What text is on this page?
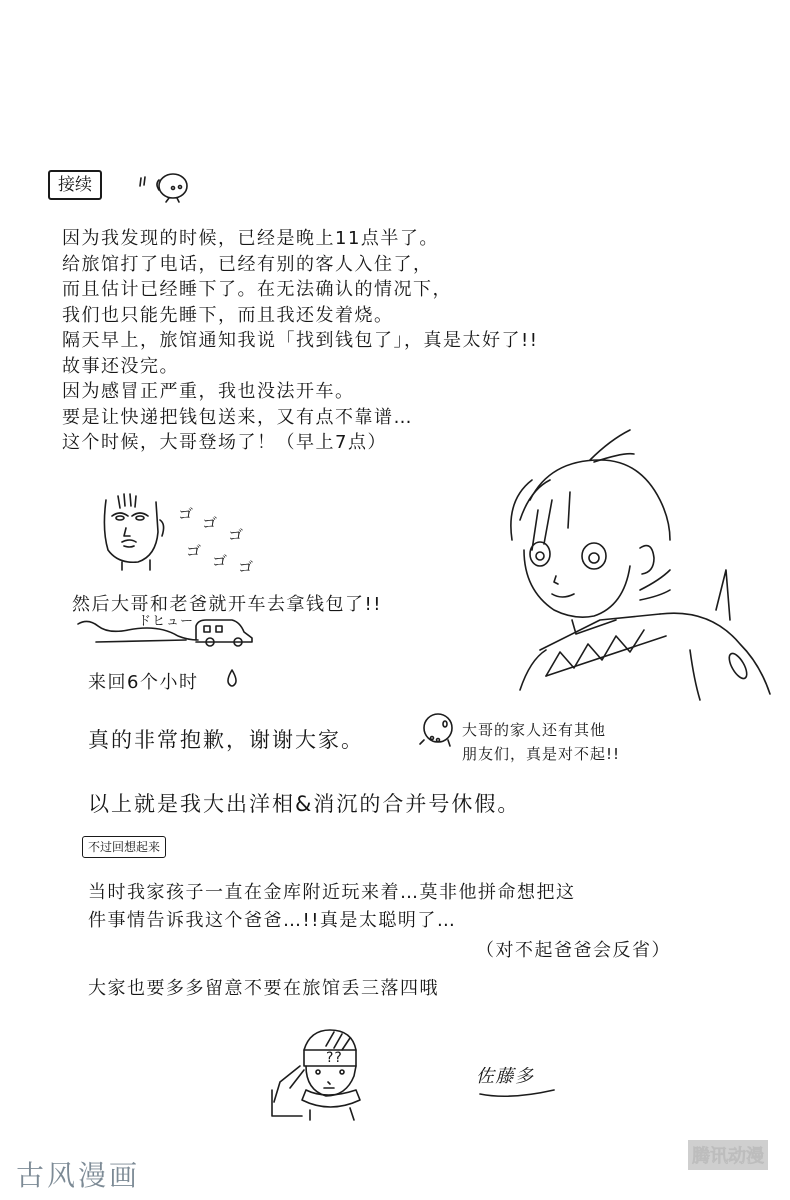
接续
因为我发现的时候，已经是晚上11点半了。
给旅馆打了电话，已经有别的客人入住了，
而且估计已经睡下了。在无法确认的情况下，
我们也只能先睡下，而且我还发着烧。
隔天早上，旅馆通知我说「找到钱包了」，真是太好了!!
故事还没完。
因为感冒正严重，我也没法开车。
要是让快递把钱包送来，又有点不靠谱…
这个时候，大哥登场了！（早上7点）
ゴ ゴ
ゴ
ゴ
ゴ ゴ
然后大哥和老爸就开车去拿钱包了!!
ドヒュー
来回6个小时
真的非常抱歉，谢谢大家。	大哥的家人还有其他
朋友们，真是对不起!!
以上就是我大出洋相&消沉的合并号休假。
不过回想起来
当时我家孩子一直在金库附近玩来着…莫非他拼命想把这
件事情告诉我这个爸爸…!!真是太聪明了…
（对不起爸爸会反省）
大家也要多多留意不要在旅馆丢三落四哦
??
佐藤多
古风漫画
腾讯动漫
